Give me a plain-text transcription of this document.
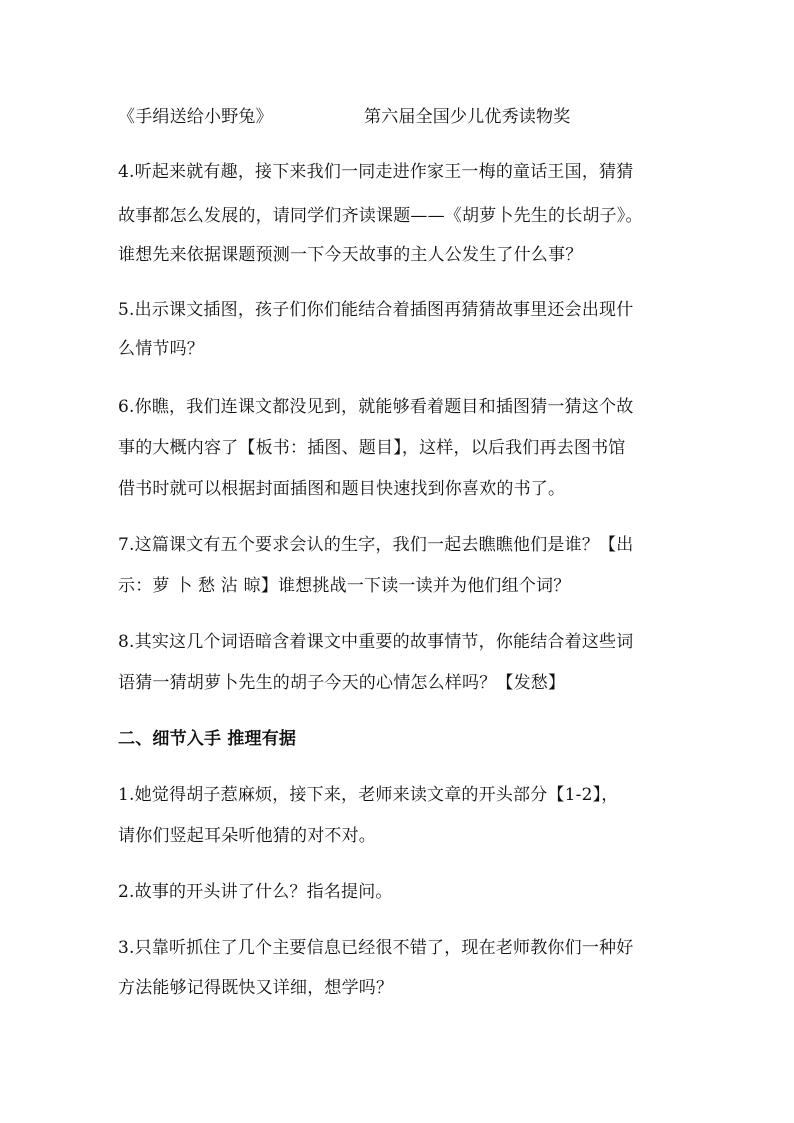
《手绢送给小野兔》	第六届全国少儿优秀读物奖
4.听起来就有趣，接下来我们一同走进作家王一梅的童话王国，猜猜
故事都怎么发展的，请同学们齐读课题——《胡萝卜先生的长胡子》。
谁想先来依据课题预测一下今天故事的主人公发生了什么事？
5.出示课文插图，孩子们你们能结合着插图再猜猜故事里还会出现什
么情节吗？
6.你瞧，我们连课文都没见到，就能够看着题目和插图猜一猜这个故
事的大概内容了【板书：插图、题目】，这样，以后我们再去图书馆
借书时就可以根据封面插图和题目快速找到你喜欢的书了。
7.这篇课文有五个要求会认的生字，我们一起去瞧瞧他们是谁？【出
示：萝 卜 愁 沾 晾】谁想挑战一下读一读并为他们组个词？
8.其实这几个词语暗含着课文中重要的故事情节，你能结合着这些词
语猜一猜胡萝卜先生的胡子今天的心情怎么样吗？【发愁】
二、细节入手 推理有据
1.她觉得胡子惹麻烦，接下来，老师来读文章的开头部分【1-2】，
请你们竖起耳朵听他猜的对不对。
2.故事的开头讲了什么？指名提问。
3.只靠听抓住了几个主要信息已经很不错了，现在老师教你们一种好
方法能够记得既快又详细，想学吗？
